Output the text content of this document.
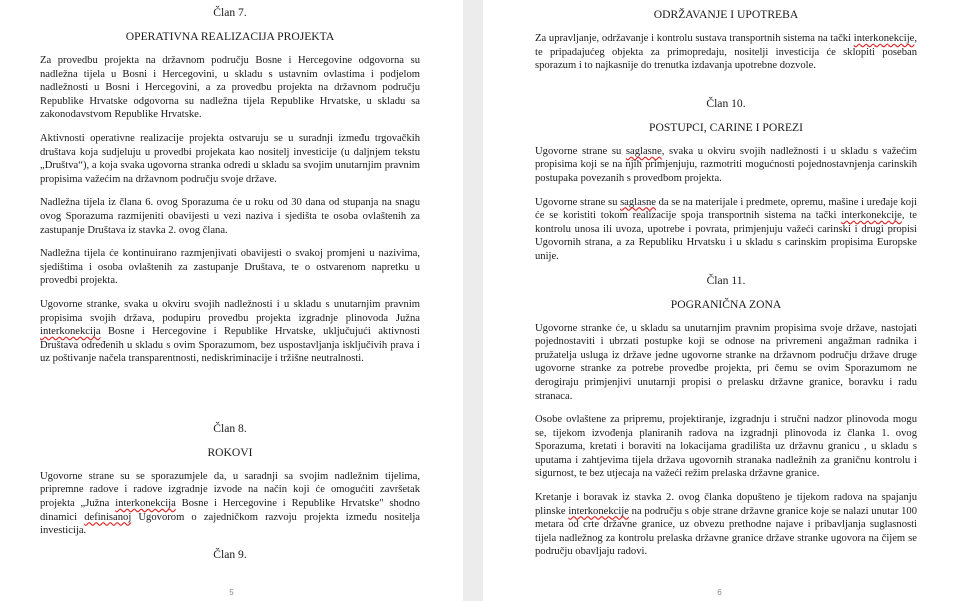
Član 7.
OPERATIVNA REALIZACIJA PROJEKTA

Za provedbu projekta na državnom području Bosne i Hercegovine odgovorna su nadležna tijela u Bosni i Hercegovini, u skladu s ustavnim ovlastima i podjelom nadležnosti u Bosni i Hercegovini, a za provedbu projekta na državnom području Republike Hrvatske odgovorna su nadležna tijela Republike Hrvatske, u skladu sa zakonodavstvom Republike Hrvatske.

Aktivnosti operativne realizacije projekta ostvaruju se u suradnji između trgovačkih društava koja sudjeluju u provedbi projekata kao nositelj investicije (u daljnjem tekstu „Društva“), a koja svaka ugovorna stranka odredi u skladu sa svojim unutarnjim pravnim propisima važećim na državnom području svoje države.

Nadležna tijela iz člana 6. ovog Sporazuma će u roku od 30 dana od stupanja na snagu ovog Sporazuma razmijeniti obavijesti u vezi naziva i sjedišta te osoba ovlaštenih za zastupanje Društava iz stavka 2. ovog člana.

Nadležna tijela će kontinuirano razmjenjivati obavijesti o svakoj promjeni u nazivima, sjedištima i osoba ovlaštenih za zastupanje Društava, te o ostvarenom napretku u provedbi projekta.

Ugovorne stranke, svaka u okviru svojih nadležnosti i u skladu s unutarnjim pravnim propisima svojih država, podupiru provedbu projekta izgradnje plinovoda Južna interkonekcija Bosne i Hercegovine i Republike Hrvatske, uključujući aktivnosti Društava određenih u skladu s ovim Sporazumom, bez uspostavljanja isključivih prava i uz poštivanje načela transparentnosti, nediskriminacije i tržišne neutralnosti.

Član 8.
ROKOVI

Ugovorne strane su se sporazumjele da, u saradnji sa svojim nadležnim tijelima, pripremne radove i radove izgradnje izvode na način koji će omogućiti završetak projekta „Južna interkonekcija Bosne i Hercegovine i Republike Hrvatske" shodno dinamici definisanoj Ugovorom o zajedničkom razvoju projekta između nositelja investicija.

Član 9.
5
ODRŽAVANJE I UPOTREBA

Za upravljanje, održavanje i kontrolu sustava transportnih sistema na tački interkonekcije, te pripadajućeg objekta za primopredaju, nositelji investicija će sklopiti poseban sporazum i to najkasnije do trenutka izdavanja upotrebne dozvole.

Član 10.
POSTUPCI, CARINE I POREZI

Ugovorne strane su saglasne, svaka u okviru svojih nadležnosti i u skladu s važećim propisima koji se na njih primjenjuju, razmotriti mogućnosti pojednostavnjenja carinskih postupaka povezanih s provedbom projekta.

Ugovorne strane su saglasne da se na materijale i predmete, opremu, mašine i uređaje koji će se koristiti tokom realizacije spoja transportnih sistema na tački interkonekcije, te kontrolu unosa ili uvoza, upotrebe i povrata, primjenjuju važeći carinski i drugi propisi Ugovornih strana, a za Republiku Hrvatsku i u skladu s carinskim propisima Europske unije.

Član 11.
POGRANIČNA ZONA

Ugovorne stranke će, u skladu sa unutarnjim pravnim propisima svoje države, nastojati pojednostaviti i ubrzati postupke koji se odnose na privremeni angažman radnika i pružatelja usluga iz države jedne ugovorne stranke na državnom području države druge ugovorne stranke za potrebe provedbe projekta, pri čemu se ovim Sporazumom ne derogiraju primjenjivi unutarnji propisi o prelasku državne granice, boravku i radu stranaca.

Osobe ovlaštene za pripremu, projektiranje, izgradnju i stručni nadzor plinovoda mogu se, tijekom izvođenja planiranih radova na izgradnji plinovoda iz članka 1. ovog Sporazuma, kretati i boraviti na lokacijama gradilišta uz državnu granicu , u skladu s uputama i zahtjevima tijela država ugovornih stranaka nadležnih za graničnu kontrolu i sigurnost, te bez utjecaja na važeći režim prelaska državne granice.

Kretanje i boravak iz stavka 2. ovog članka dopušteno je tijekom radova na spajanju plinske interkonekcije na području s obje strane državne granice koje se nalazi unutar 100 metara od crte državne granice, uz obvezu prethodne najave i pribavljanja suglasnosti tijela nadležnog za kontrolu prelaska državne granice države stranke ugovora na čijem se području obavljaju radovi.

6
